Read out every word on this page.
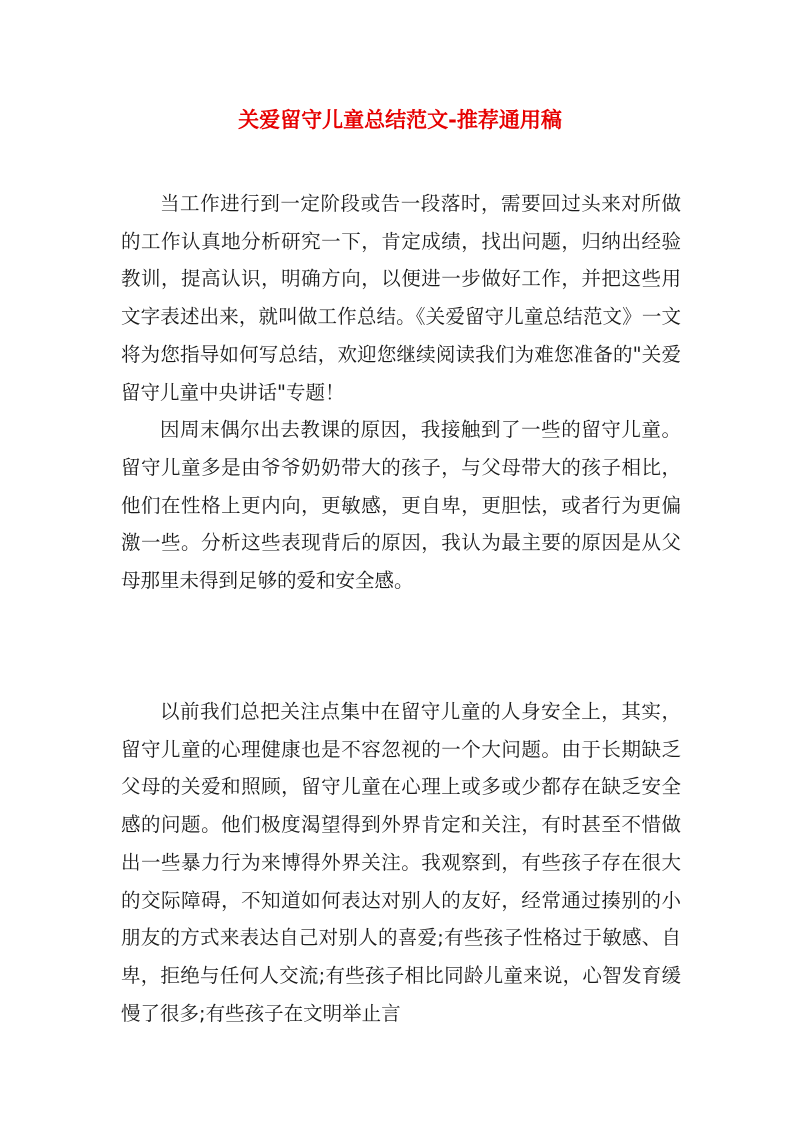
关爱留守儿童总结范文-推荐通用稿

当工作进行到一定阶段或告一段落时，需要回过头来对所做的工作认真地分析研究一下，肯定成绩，找出问题，归纳出经验教训，提高认识，明确方向，以便进一步做好工作，并把这些用文字表述出来，就叫做工作总结。《关爱留守儿童总结范文》一文将为您指导如何写总结，欢迎您继续阅读我们为难您准备的"关爱留守儿童中央讲话"专题！

因周末偶尔出去教课的原因，我接触到了一些的留守儿童。留守儿童多是由爷爷奶奶带大的孩子，与父母带大的孩子相比，他们在性格上更内向，更敏感，更自卑，更胆怯，或者行为更偏激一些。分析这些表现背后的原因，我认为最主要的原因是从父母那里未得到足够的爱和安全感。

以前我们总把关注点集中在留守儿童的人身安全上，其实，留守儿童的心理健康也是不容忽视的一个大问题。由于长期缺乏父母的关爱和照顾，留守儿童在心理上或多或少都存在缺乏安全感的问题。他们极度渴望得到外界肯定和关注，有时甚至不惜做出一些暴力行为来博得外界关注。我观察到，有些孩子存在很大的交际障碍，不知道如何表达对别人的友好，经常通过揍别的小朋友的方式来表达自己对别人的喜爱;有些孩子性格过于敏感、自卑，拒绝与任何人交流;有些孩子相比同龄儿童来说，心智发育缓慢了很多;有些孩子在文明举止言
